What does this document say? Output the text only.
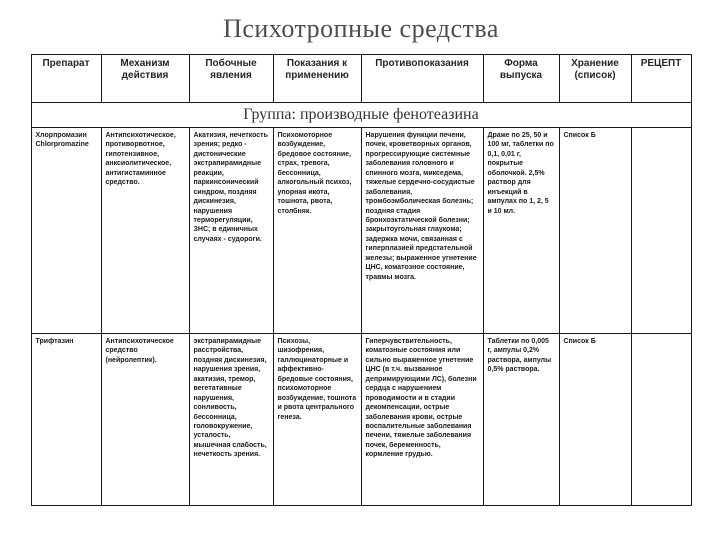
Психотропные средства
Препарат	Механизм действия	Побочные явления	Показания к применению	Противопоказания	Форма выпуска	Хранение (список)	РЕЦЕПТ
Группа: производные фенотеазина							
Хлорпромазин Chlorpromazine	Антипсихотическое, противорвотное, гипотензивное, анксиолитическое, антигистаминное средство.	Акатизия, нечеткость зрения; редко - дистонические экстрапирамидные реакции, паркинсонический синдром, поздняя дискинезия, нарушения терморегуляции, ЗНС; в единичных случаях - судороги.	Психомоторное возбуждение, бредовое состояние, страх, тревога, бессонница, алкогольный психоз, упорная икота, тошнота, рвота, столбняк.	Нарушения функции печени, почек, кроветворных органов, прогрессирующие системные заболевания головного и спинного мозга, микседема, тяжелые сердечно-сосудистые заболевания, тромбоэмболическая болезнь; поздняя стадия бронхоэктатической болезни; закрытоугольная глаукома; задержка мочи, связанная с гиперплазией предстательной железы; выраженное угнетение ЦНС, коматозное состояние, травмы мозга.	Драже по 25, 50 и 100 мг, таблетки по 0,1, 0,01 г, покрытые оболочкой. 2,5% раствор для инъекций в ампулах по 1, 2, 5 и 10 мл.	Список Б	
Трифтазин	Антипсихотическое средство (нейролептик).	экстрапирамидные расстройства, поздняя дискинезия, нарушения зрения, акатизия, тремор, вегетативные нарушения, сонливость, бессонница, головокружение, усталость, мышечная слабость, нечеткость зрения.	Психозы, шизофрения, галлюцинаторные и аффективно-бредовые состояния, психомоторное возбуждение, тошнота и рвота центрального генеза.	Гиперчувствительность, коматозные состояния или сильно выраженное угнетение ЦНС (в т.ч. вызванное депримирующими ЛС), болезни сердца с нарушением проводимости и в стадии декомпенсации, острые заболевания крови, острые воспалительные заболевания печени, тяжелые заболевания почек, беременность, кормление грудью.	Таблетки по 0,005 г, ампулы 0,2% раствора, ампулы 0,5% раствора.	Список Б	
